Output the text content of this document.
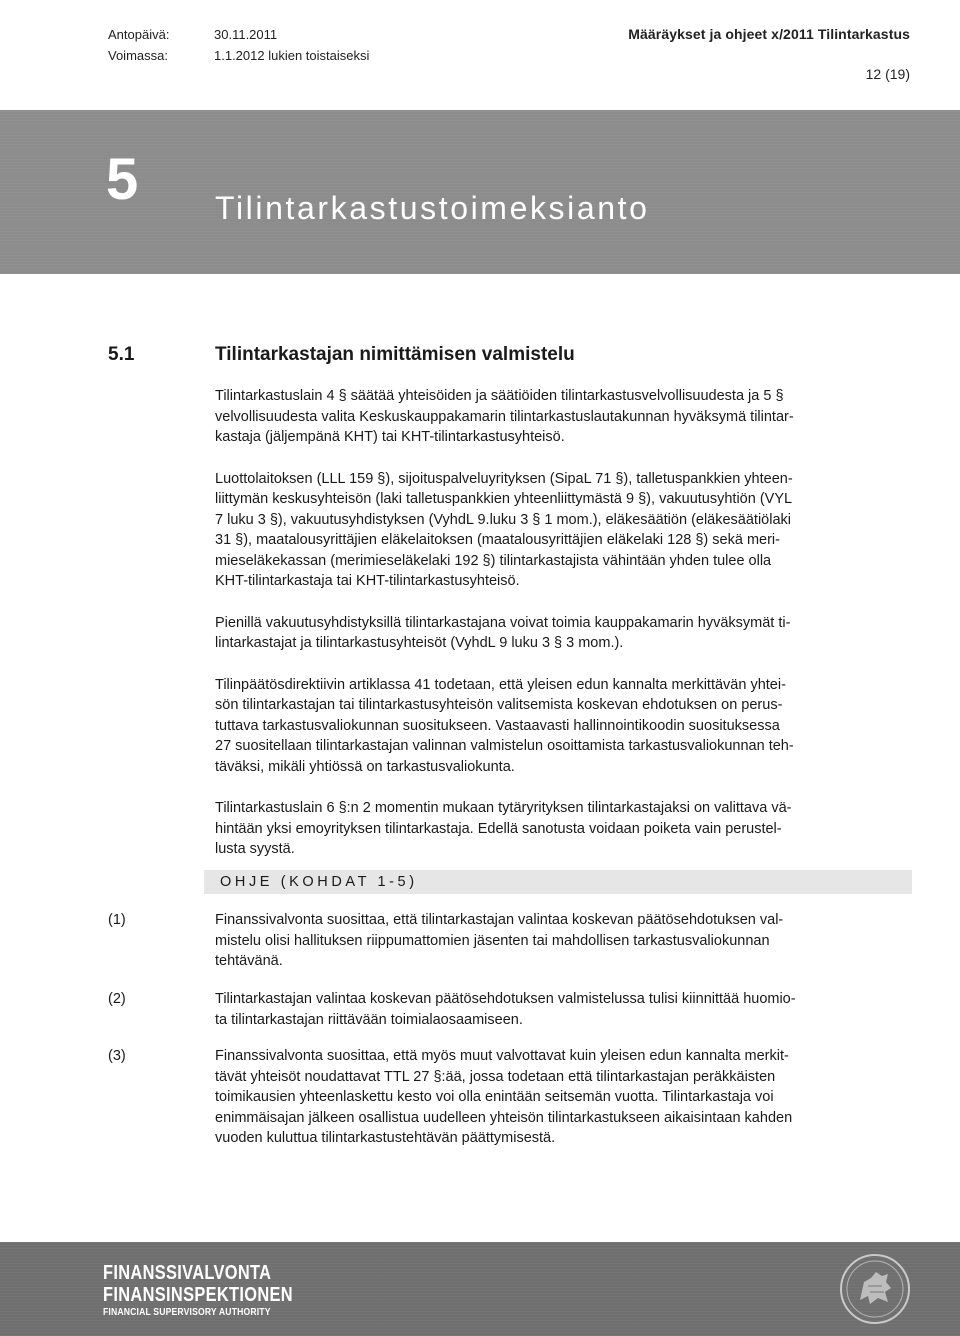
Antopäivä:	30.11.2011
Voimassa:	1.1.2012 lukien toistaiseksi
Määräykset ja ohjeet x/2011 Tilintarkastus
12 (19)
5 Tilintarkastustoimeksianto
5.1	Tilintarkastajan nimittämisen valmistelu

Tilintarkastuslain 4 § säätää yhteisöiden ja säätiöiden tilintarkastusvelvollisuudesta ja 5 §
velvollisuudesta valita Keskuskauppakamarin tilintarkastuslautakunnan hyväksymä tilintar-
kastaja (jäljempänä KHT) tai KHT-tilintarkastusyhteisö.

Luottolaitoksen (LLL 159 §), sijoituspalveluyrityksen (SipaL 71 §), talletuspankkien yhteen-
liittymän keskusyhteisön (laki talletuspankkien yhteenliittymästä 9 §), vakuutusyhtiön (VYL
7 luku 3 §), vakuutusyhdistyksen (VyhdL 9.luku 3 § 1 mom.), eläkesäätiön (eläkesäätiölaki
31 §), maatalousyrittäjien eläkelaitoksen (maatalousyrittäjien eläkelaki 128 §) sekä meri-
mieseläkekassan (merimieseläkelaki 192 §) tilintarkastajista vähintään yhden tulee olla
KHT-tilintarkastaja tai KHT-tilintarkastusyhteisö.

Pienillä vakuutusyhdistyksillä tilintarkastajana voivat toimia kauppakamarin hyväksymät ti-
lintarkastajat ja tilintarkastusyhteisöt (VyhdL 9 luku 3 § 3 mom.).

Tilinpäätösdirektiivin artiklassa 41 todetaan, että yleisen edun kannalta merkittävän yhtei-
sön tilintarkastajan tai tilintarkastusyhteisön valitsemista koskevan ehdotuksen on perus-
tuttava tarkastusvaliokunnan suositukseen. Vastaavasti hallinnointikoodin suosituksessa
27 suositellaan tilintarkastajan valinnan valmistelun osoittamista tarkastusvaliokunnan teh-
täväksi, mikäli yhtiössä on tarkastusvaliokunta.

Tilintarkastuslain 6 §:n 2 momentin mukaan tytäryrityksen tilintarkastajaksi on valittava vä-
hintään yksi emoyrityksen tilintarkastaja. Edellä sanotusta voidaan poiketa vain perustel-
lusta syystä.

OHJE (KOHDAT 1-5)
(1)	Finanssivalvonta suosittaa, että tilintarkastajan valintaa koskevan päätösehdotuksen val-
mistelu olisi hallituksen riippumattomien jäsenten tai mahdollisen tarkastusvaliokunnan
tehtävänä.
(2)	Tilintarkastajan valintaa koskevan päätösehdotuksen valmistelussa tulisi kiinnittää huomio-
ta tilintarkastajan riittävään toimialaosaamiseen.
(3)	Finanssivalvonta suosittaa, että myös muut valvottavat kuin yleisen edun kannalta merkit-
tävät yhteisöt noudattavat TTL 27 §:ää, jossa todetaan että tilintarkastajan peräkkäisten
toimikausien yhteenlaskettu kesto voi olla enintään seitsemän vuotta. Tilintarkastaja voi
enimmäisajan jälkeen osallistua uudelleen yhteisön tilintarkastukseen aikaisintaan kahden
vuoden kuluttua tilintarkastustehtävän päättymisestä.
FINANSSIVALVONTA
FINANSINSPEKTIONEN
FINANCIAL SUPERVISORY AUTHORITY
